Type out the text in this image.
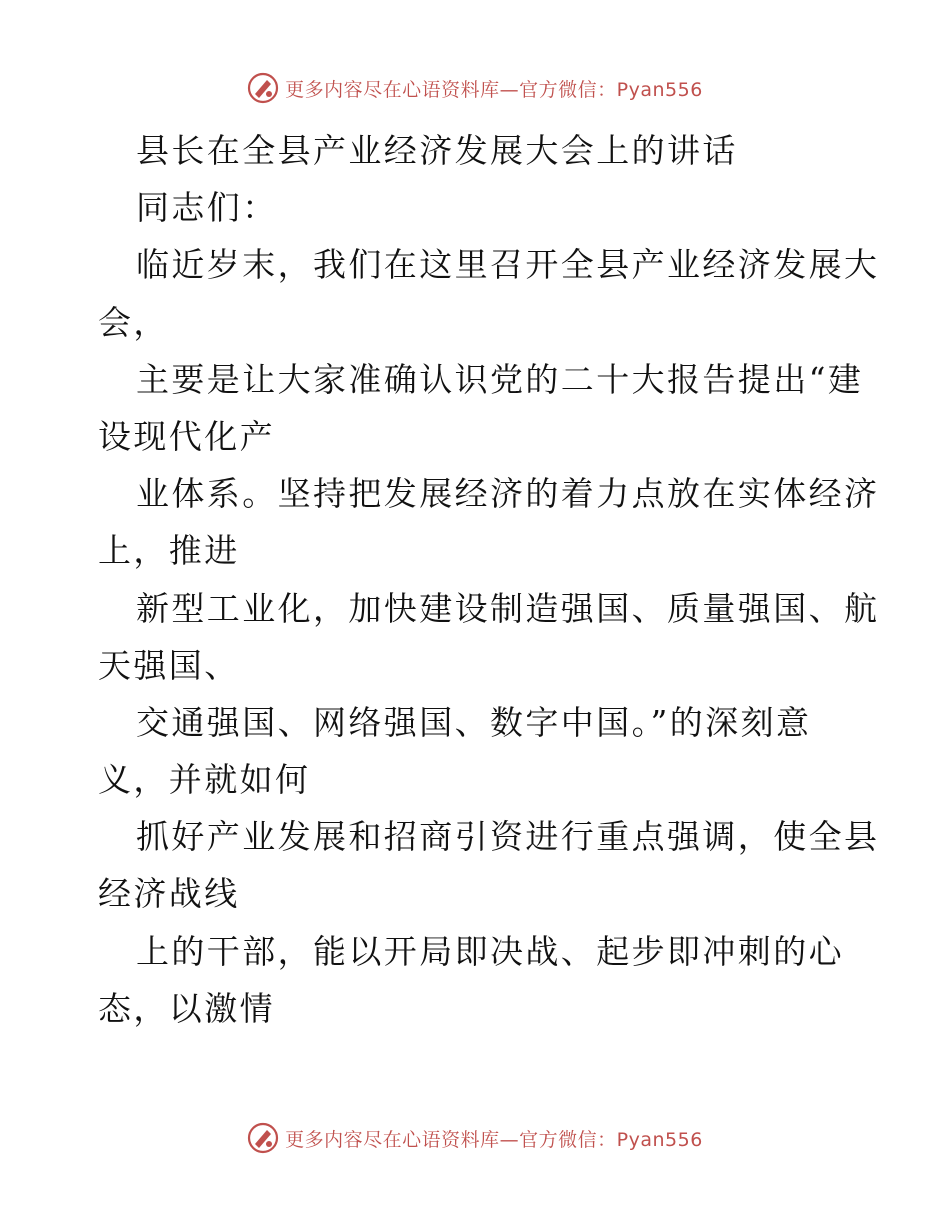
更多内容尽在心语资料库—官方微信：Pyan556
县长在全县产业经济发展大会上的讲话
同志们：
临近岁末，我们在这里召开全县产业经济发展大
会，
主要是让大家准确认识党的二十大报告提出“建
设现代化产
业体系。坚持把发展经济的着力点放在实体经济
上，推进
新型工业化，加快建设制造强国、质量强国、航
天强国、
交通强国、网络强国、数字中国。”的深刻意
义，并就如何
抓好产业发展和招商引资进行重点强调，使全县
经济战线
上的干部，能以开局即决战、起步即冲刺的心
态，以激情
更多内容尽在心语资料库—官方微信：Pyan556
